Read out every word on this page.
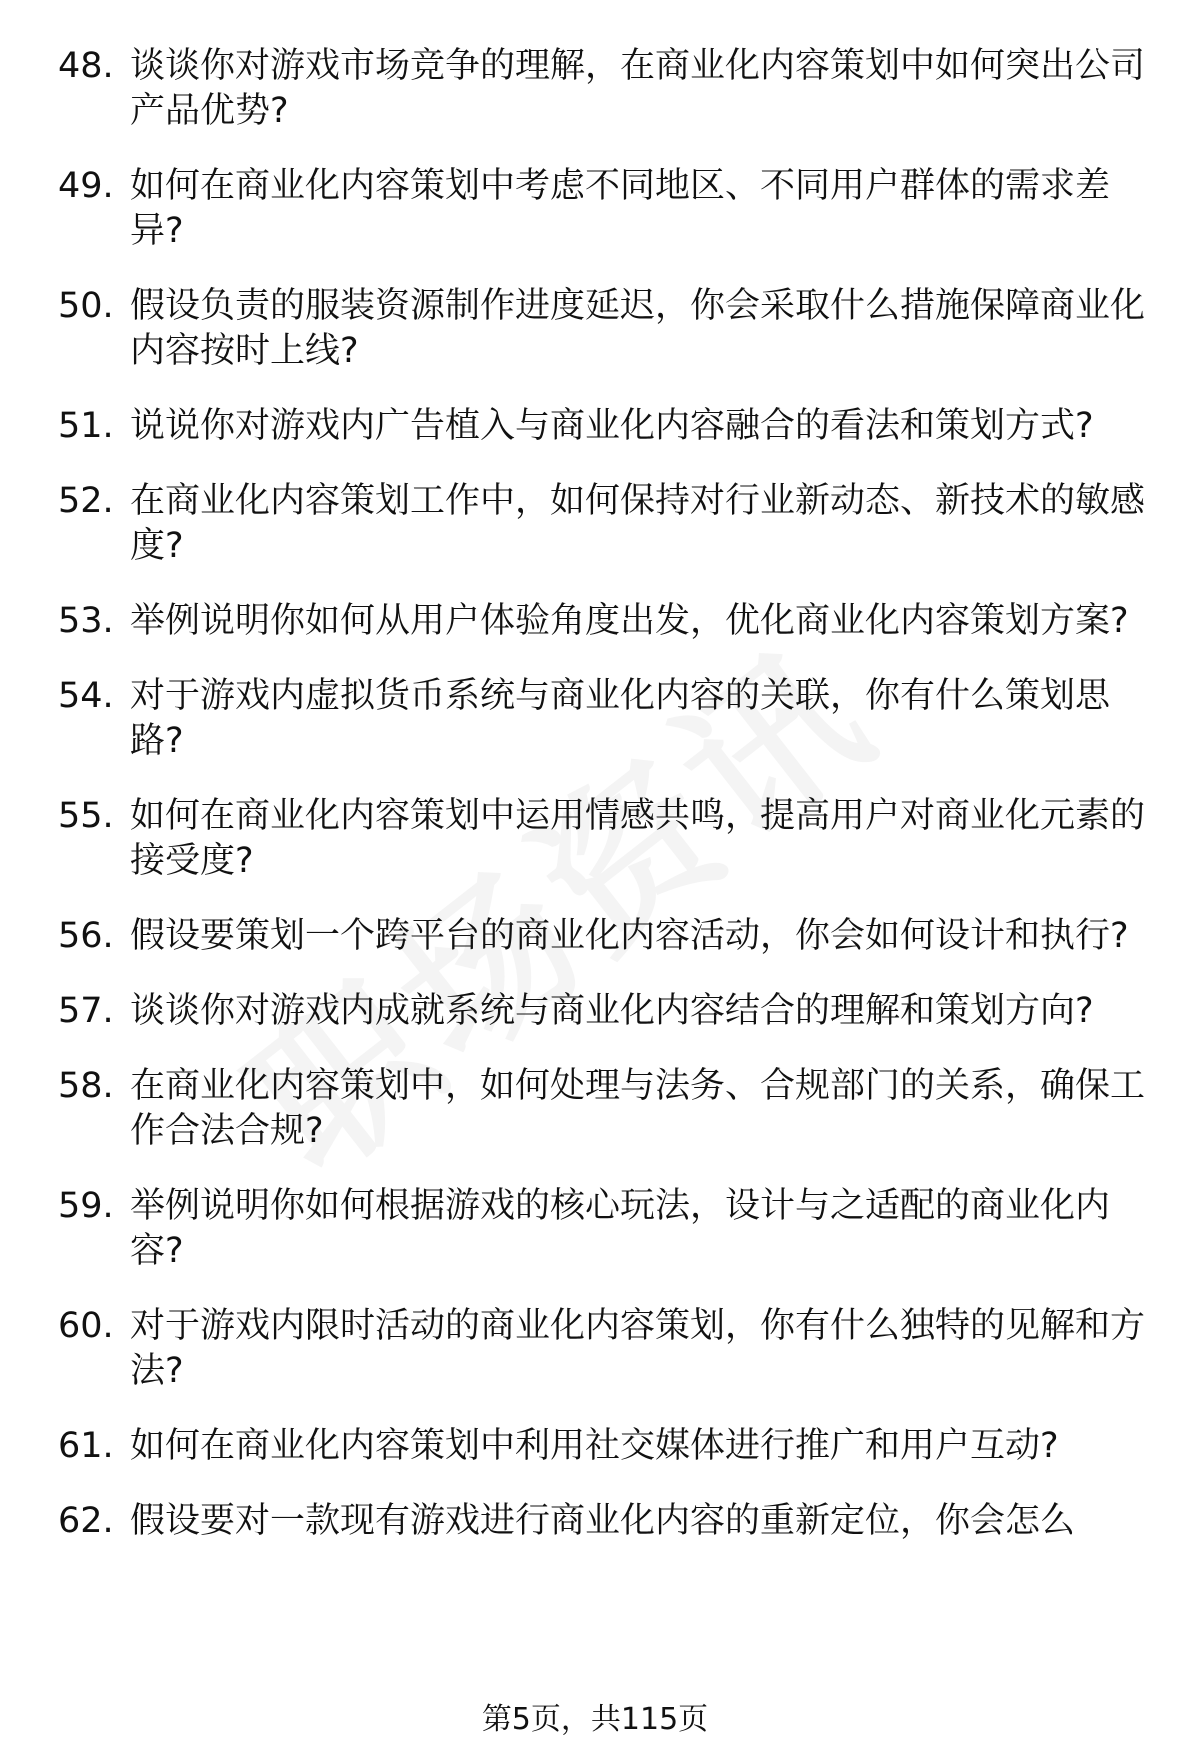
48. 谈谈你对游戏市场竞争的理解，在商业化内容策划中如何突出公司产品优势?
49. 如何在商业化内容策划中考虑不同地区、不同用户群体的需求差异?
50. 假设负责的服装资源制作进度延迟，你会采取什么措施保障商业化内容按时上线?
51. 说说你对游戏内广告植入与商业化内容融合的看法和策划方式?
52. 在商业化内容策划工作中，如何保持对行业新动态、新技术的敏感度?
53. 举例说明你如何从用户体验角度出发，优化商业化内容策划方案?
54. 对于游戏内虚拟货币系统与商业化内容的关联，你有什么策划思路?
55. 如何在商业化内容策划中运用情感共鸣，提高用户对商业化元素的接受度?
56. 假设要策划一个跨平台的商业化内容活动，你会如何设计和执行?
57. 谈谈你对游戏内成就系统与商业化内容结合的理解和策划方向?
58. 在商业化内容策划中，如何处理与法务、合规部门的关系，确保工作合法合规?
59. 举例说明你如何根据游戏的核心玩法，设计与之适配的商业化内容?
60. 对于游戏内限时活动的商业化内容策划，你有什么独特的见解和方法?
61. 如何在商业化内容策划中利用社交媒体进行推广和用户互动?
62. 假设要对一款现有游戏进行商业化内容的重新定位，你会怎么
第5页，共115页
